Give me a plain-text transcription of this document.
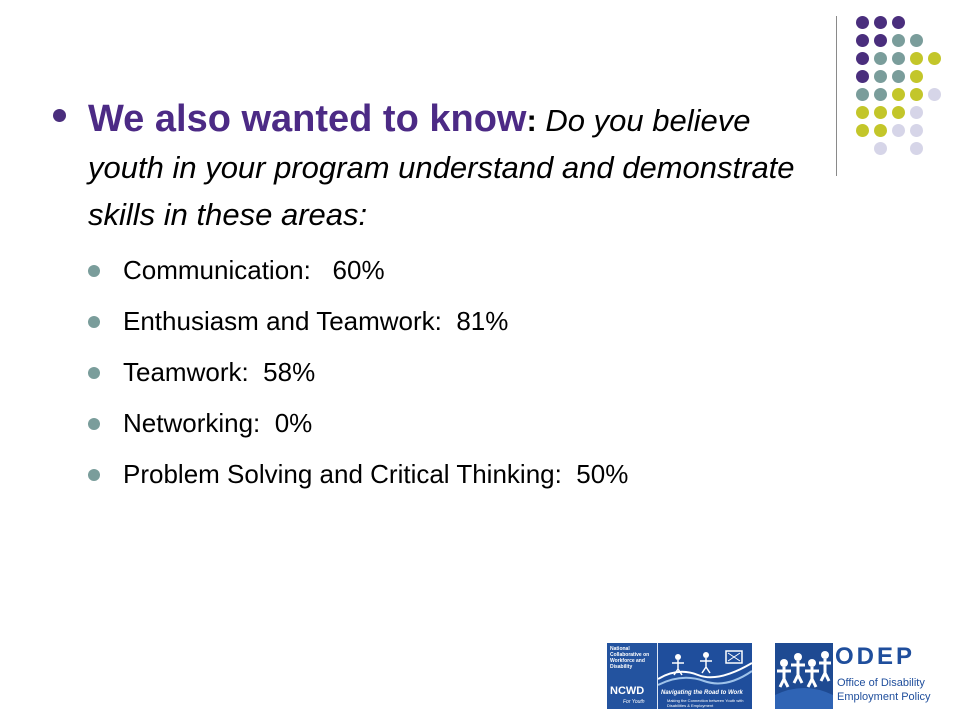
We also wanted to know: Do you believe youth in your program understand and demonstrate skills in these areas:
Communication:   60%
Enthusiasm and Teamwork:  81%
Teamwork:  58%
Networking:  0%
Problem Solving and Critical Thinking:  50%
National Collaborative on Workforce and Disability
NCWD
For Youth
Navigating the Road to Work
Making the Connection between Youth with Disabilities & Employment
ODEP
Office of Disability
Employment Policy
